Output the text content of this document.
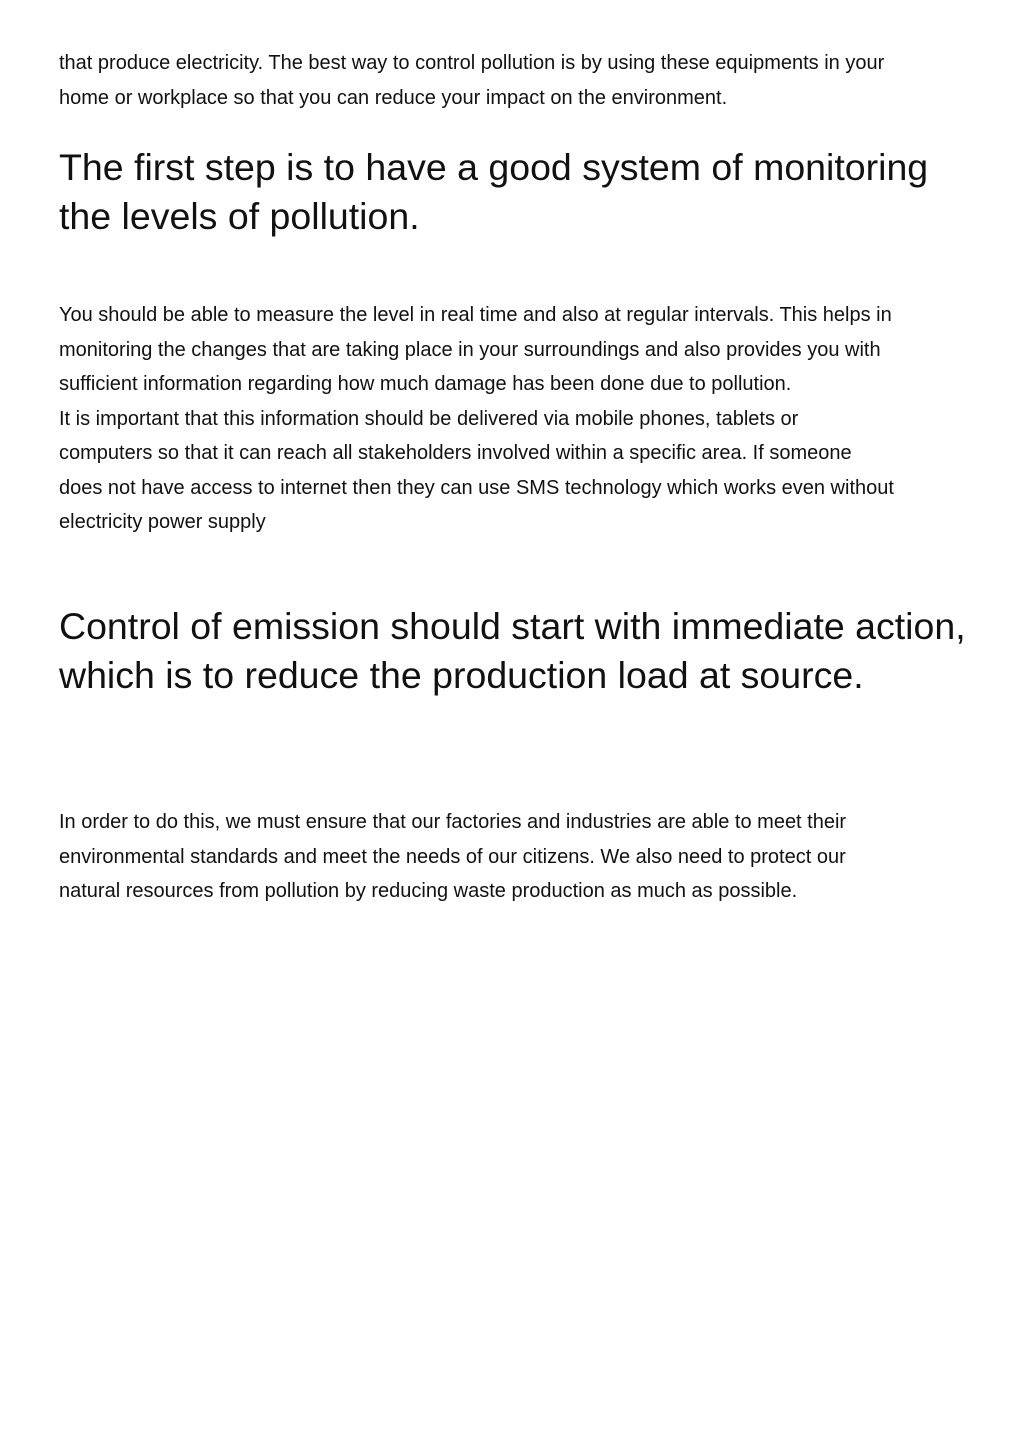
that produce electricity. The best way to control pollution is by using these equipments in your
home or workplace so that you can reduce your impact on the environment.

The first step is to have a good system of monitoring the levels of pollution.

You should be able to measure the level in real time and also at regular intervals. This helps in
monitoring the changes that are taking place in your surroundings and also provides you with
sufficient information regarding how much damage has been done due to pollution.
It is important that this information should be delivered via mobile phones, tablets or
computers so that it can reach all stakeholders involved within a specific area. If someone
does not have access to internet then they can use SMS technology which works even without
electricity power supply

Control of emission should start with immediate action, which is to reduce the production load at source.

In order to do this, we must ensure that our factories and industries are able to meet their
environmental standards and meet the needs of our citizens. We also need to protect our
natural resources from pollution by reducing waste production as much as possible.
